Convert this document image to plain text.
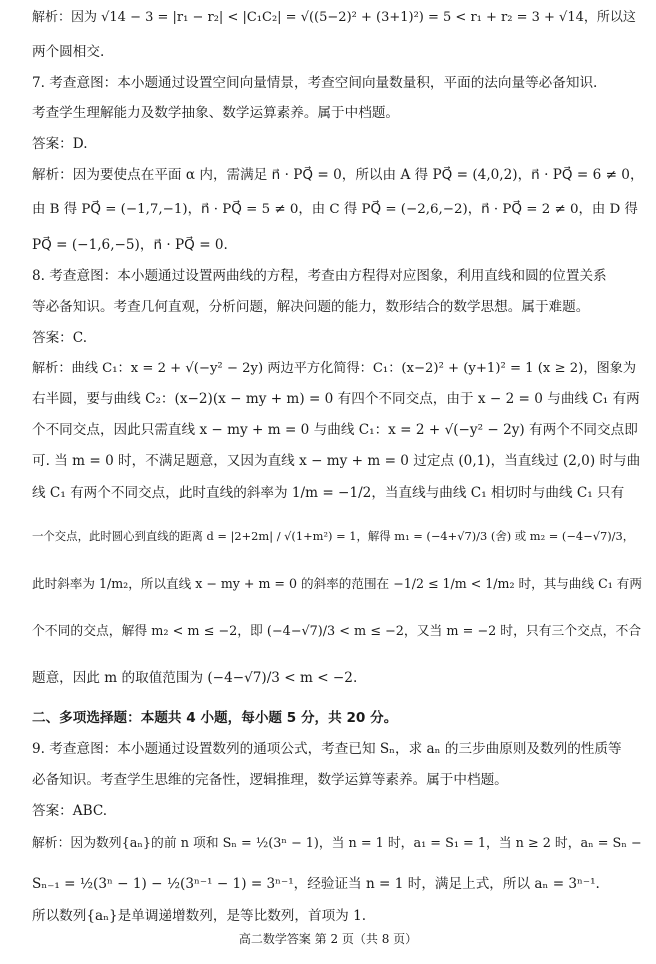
解析：因为 √14 − 3 = |r₁ − r₂| < |C₁C₂| = √((5−2)² + (3+1)²) = 5 < r₁ + r₂ = 3 + √14，所以这
两个圆相交.
7. 考查意图：本小题通过设置空间向量情景，考查空间向量数量积，平面的法向量等必备知识.
考查学生理解能力及数学抽象、数学运算素养。属于中档题。
答案：D.
解析：因为要使点在平面 α 内，需满足 n⃗ · PQ⃗ = 0，所以由 A 得 PQ⃗ = (4,0,2)，n⃗ · PQ⃗ = 6 ≠ 0，
由 B 得 PQ⃗ = (−1,7,−1)，n⃗ · PQ⃗ = 5 ≠ 0，由 C 得 PQ⃗ = (−2,6,−2)，n⃗ · PQ⃗ = 2 ≠ 0，由 D 得
PQ⃗ = (−1,6,−5)，n⃗ · PQ⃗ = 0.
8. 考查意图：本小题通过设置两曲线的方程，考查由方程得对应图象，利用直线和圆的位置关系
等必备知识。考查几何直观，分析问题，解决问题的能力，数形结合的数学思想。属于难题。
答案：C.
解析：曲线 C₁：x = 2 + √(−y² − 2y) 两边平方化简得：C₁：(x−2)² + (y+1)² = 1 (x ≥ 2)，图象为
右半圆，要与曲线 C₂：(x−2)(x − my + m) = 0 有四个不同交点，由于 x − 2 = 0 与曲线 C₁ 有两
个不同交点，因此只需直线 x − my + m = 0 与曲线 C₁：x = 2 + √(−y² − 2y) 有两个不同交点即
可. 当 m = 0 时，不满足题意，又因为直线 x − my + m = 0 过定点 (0,1)，当直线过 (2,0) 时与曲
线 C₁ 有两个不同交点，此时直线的斜率为 1/m = −1/2，当直线与曲线 C₁ 相切时与曲线 C₁ 只有
一个交点，此时圆心到直线的距离 d = |2+2m| / √(1+m²) = 1，解得 m₁ = (−4+√7)/3 (舍) 或 m₂ = (−4−√7)/3，
此时斜率为 1/m₂，所以直线 x − my + m = 0 的斜率的范围在 −1/2 ≤ 1/m < 1/m₂ 时，其与曲线 C₁ 有两
个不同的交点，解得 m₂ < m ≤ −2，即 (−4−√7)/3 < m ≤ −2，又当 m = −2 时，只有三个交点，不合
题意，因此 m 的取值范围为 (−4−√7)/3 < m < −2.
二、多项选择题：本题共 4 小题，每小题 5 分，共 20 分。
9. 考查意图：本小题通过设置数列的通项公式，考查已知 Sₙ，求 aₙ 的三步曲原则及数列的性质等
必备知识。考查学生思维的完备性，逻辑推理，数学运算等素养。属于中档题。
答案：ABC.
解析：因为数列{aₙ}的前 n 项和 Sₙ = ½(3ⁿ − 1)，当 n = 1 时，a₁ = S₁ = 1，当 n ≥ 2 时，aₙ = Sₙ −
Sₙ₋₁ = ½(3ⁿ − 1) − ½(3ⁿ⁻¹ − 1) = 3ⁿ⁻¹，经验证当 n = 1 时，满足上式，所以 aₙ = 3ⁿ⁻¹.
所以数列{aₙ}是单调递增数列，是等比数列，首项为 1.
高二数学答案 第 2 页（共 8 页）
